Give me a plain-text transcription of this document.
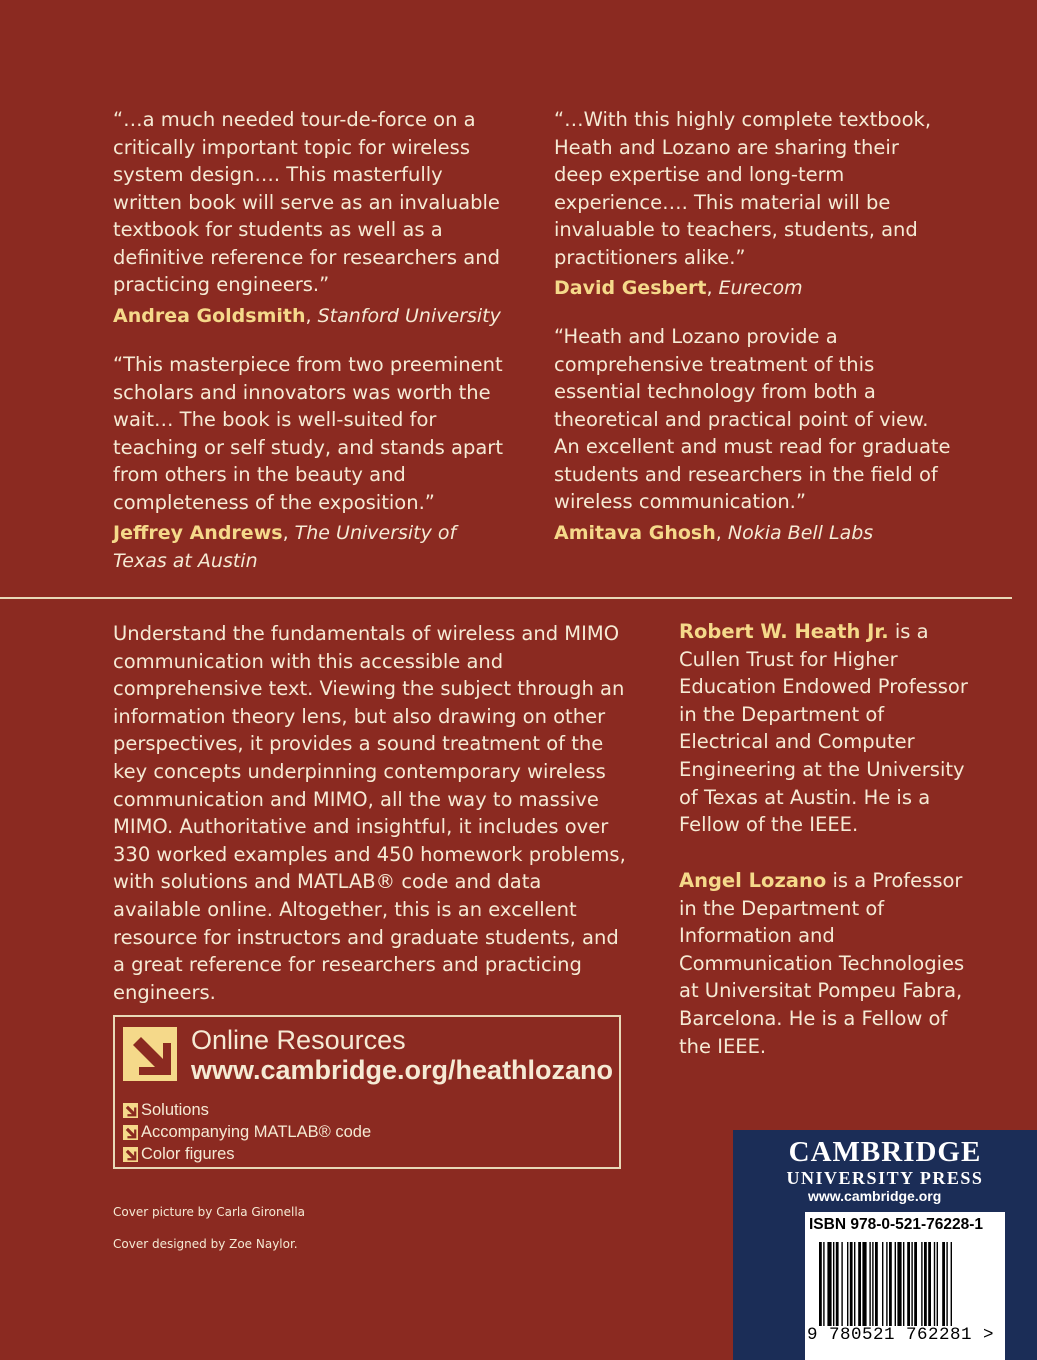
“…a much needed tour-de-force on a critically important topic for wireless system design…. This masterfully written book will serve as an invaluable textbook for students as well as a definitive reference for researchers and practicing engineers.”

Andrea Goldsmith, Stanford University

“This masterpiece from two preeminent scholars and innovators was worth the wait… The book is well-suited for teaching or self study, and stands apart from others in the beauty and completeness of the exposition.”

Jeffrey Andrews, The University of Texas at Austin

“…With this highly complete textbook, Heath and Lozano are sharing their deep expertise and long-term experience…. This material will be invaluable to teachers, students, and practitioners alike.”

David Gesbert, Eurecom

“Heath and Lozano provide a comprehensive treatment of this essential technology from both a theoretical and practical point of view. An excellent and must read for graduate students and researchers in the field of wireless communication.”

Amitava Ghosh, Nokia Bell Labs
Understand the fundamentals of wireless and MIMO communication with this accessible and comprehensive text. Viewing the subject through an information theory lens, but also drawing on other perspectives, it provides a sound treatment of the key concepts underpinning contemporary wireless communication and MIMO, all the way to massive MIMO. Authoritative and insightful, it includes over 330 worked examples and 450 homework problems, with solutions and MATLAB® code and data available online. Altogether, this is an excellent resource for instructors and graduate students, and a great reference for researchers and practicing engineers.
Robert W. Heath Jr. is a Cullen Trust for Higher Education Endowed Professor in the Department of Electrical and Computer Engineering at the University of Texas at Austin. He is a Fellow of the IEEE.
Angel Lozano is a Professor in the Department of Information and Communication Technologies at Universitat Pompeu Fabra, Barcelona. He is a Fellow of the IEEE.
Online Resources
www.cambridge.org/heathlozano
Solutions
Accompanying MATLAB® code
Color figures
Cover picture by Carla Gironella
Cover designed by Zoe Naylor.
CAMBRIDGE
UNIVERSITY PRESS
www.cambridge.org
ISBN 978-0-521-76228-1
9 780521 762281 >
